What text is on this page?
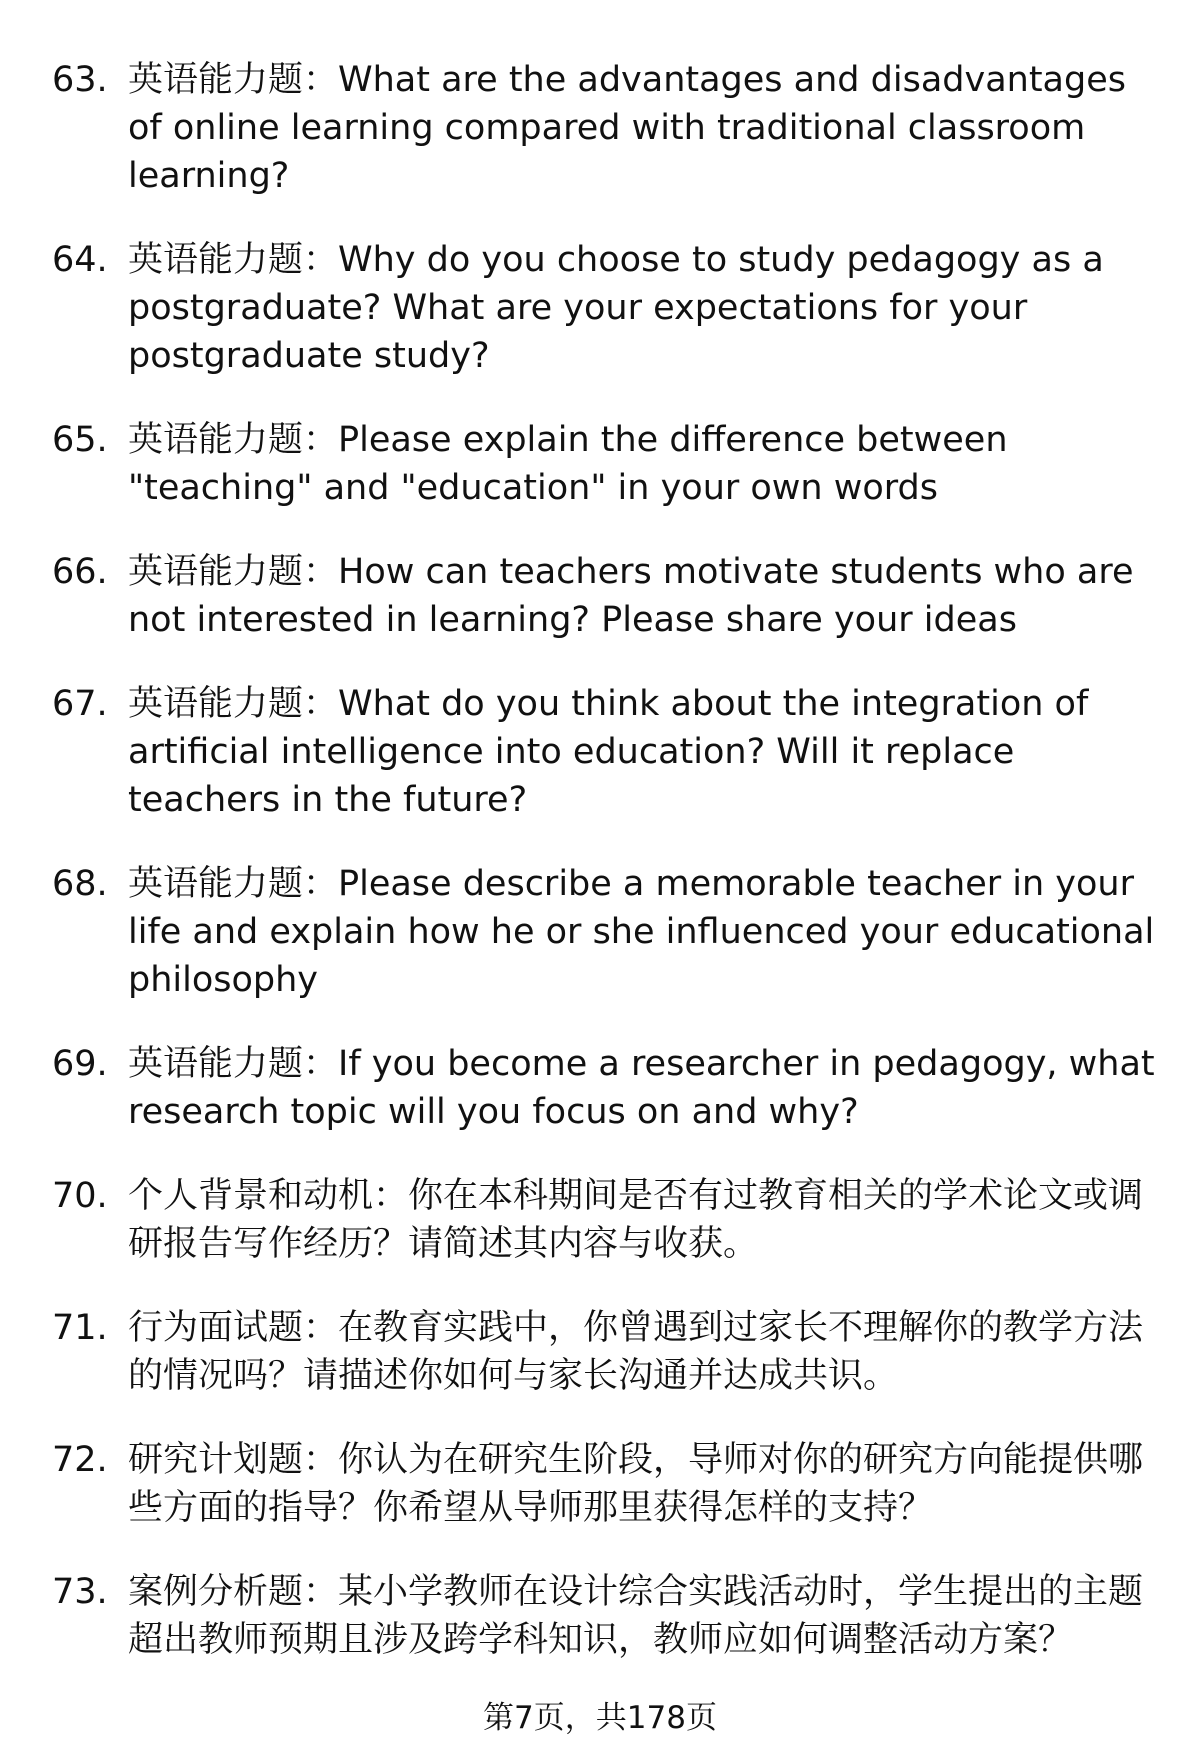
63. 英语能力题：What are the advantages and disadvantages of online learning compared with traditional classroom learning?
64. 英语能力题：Why do you choose to study pedagogy as a postgraduate? What are your expectations for your postgraduate study?
65. 英语能力题：Please explain the difference between "teaching" and "education" in your own words
66. 英语能力题：How can teachers motivate students who are not interested in learning? Please share your ideas
67. 英语能力题：What do you think about the integration of artificial intelligence into education? Will it replace teachers in the future?
68. 英语能力题：Please describe a memorable teacher in your life and explain how he or she influenced your educational philosophy
69. 英语能力题：If you become a researcher in pedagogy, what research topic will you focus on and why?
70. 个人背景和动机：你在本科期间是否有过教育相关的学术论文或调研报告写作经历？请简述其内容与收获。
71. 行为面试题：在教育实践中，你曾遇到过家长不理解你的教学方法的情况吗？请描述你如何与家长沟通并达成共识。
72. 研究计划题：你认为在研究生阶段，导师对你的研究方向能提供哪些方面的指导？你希望从导师那里获得怎样的支持？
73. 案例分析题：某小学教师在设计综合实践活动时，学生提出的主题超出教师预期且涉及跨学科知识，教师应如何调整活动方案？
第7页，共178页
